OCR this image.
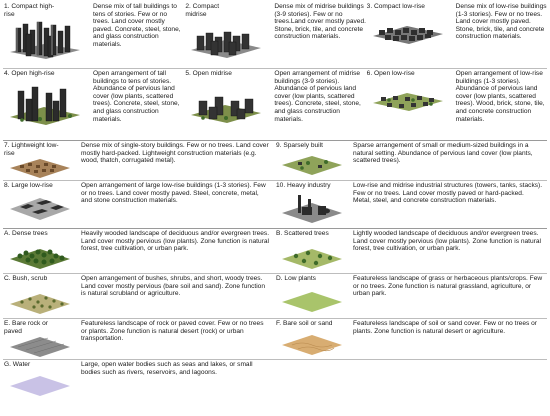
1. Compact high-
rise
Dense mix of tall buildings to tens of stories. Few or no trees. Land cover mostly paved. Concrete, steel, stone, and glass construction materials.
2. Compact
midrise
Dense mix of midrise buildings (3-9 stories). Few or no trees.Land cover mostly paved. Stone, brick, tile, and concrete construction materials.
3. Compact low-rise	Dense mix of low-rise buildings (1-3 stories). Few or no trees. Land cover mostly paved. Stone, brick, tile, and concrete construction materials.
4. Open high-rise	Open arrangement of tall buildings to tens of stories. Abundance of pervious land cover (low plants, scattered trees). Concrete, steel, stone, and glass construction materials.
5. Open midrise	Open arrangement of midrise buildings (3-9 stories). Abundance of pervious land cover (low plants, scattered trees). Concrete, steel, stone, and glass construction materials.
6. Open low-rise	Open arrangement of low-rise buildings (1-3 stories). Abundance of pervious land cover (low plants, scattered trees). Wood, brick, stone, tile, and concrete construction materials.
7. Lightweight low-
rise
Dense mix of single-story buildings. Few or no trees. Land cover mostly hard-packed. Lightweight construction materials (e.g. wood, thatch, corrugated metal).
9. Sparsely built	Sparse arrangement of small or medium-sized buildings in a natural setting. Abundance of pervious land cover (low plants, scattered trees).
8. Large low-rise	Open arrangement of large low-rise buildings (1-3 stories). Few or no trees. Land cover mostly paved. Steel, concrete, metal, and stone construction materials.
10. Heavy industry	Low-rise and midrise industrial structures (towers, tanks, stacks). Few or no trees. Land cover mostly paved or hard-packed. Metal, steel, and concrete construction materials.
A. Dense trees	Heavily wooded landscape of deciduous and/or evergreen trees. Land cover mostly pervious (low plants). Zone function is natural forest, tree cultivation, or urban park.
B. Scattered trees	Lightly wooded landscape of deciduous and/or evergreen trees. Land cover mostly pervious (low plants). Zone function is natural forest, tree cultivation, or urban park.
C. Bush, scrub	Open arrangement of bushes, shrubs, and short, woody trees. Land cover mostly pervious (bare soil and sand). Zone function is natural scrubland or agriculture.
D. Low plants	Featureless landscape of grass or herbaceous plants/crops. Few or no trees. Zone function is natural grassland, agriculture, or urban park.
E. Bare rock or
paved
Featureless landscape of rock or paved cover. Few or no trees or plants. Zone function is natural desert (rock) or urban transportation.
F. Bare soil or sand	Featureless landscape of soil or sand cover. Few or no trees or plants. Zone function is natural desert or agriculture.
G. Water	Large, open water bodies such as seas and lakes, or small bodies such as rivers, reservoirs, and lagoons.
